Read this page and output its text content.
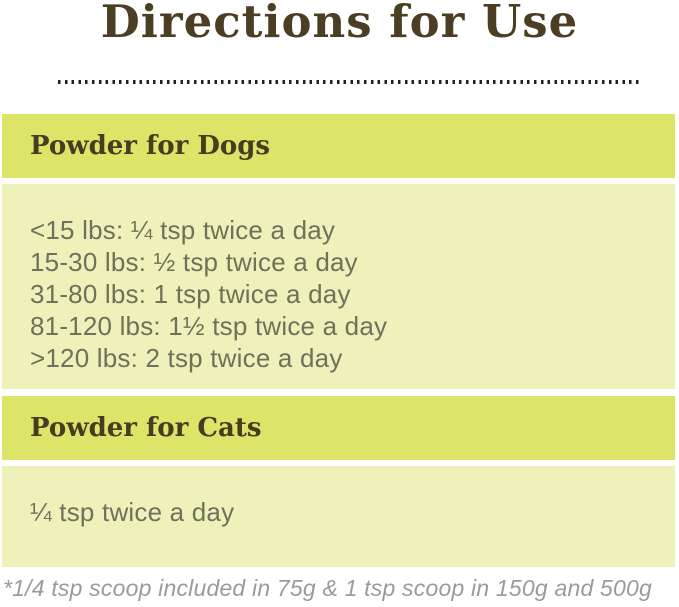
Directions for Use
Powder for Dogs
<15 lbs: ¼ tsp twice a day
15-30 lbs: ½ tsp twice a day
31-80 lbs: 1 tsp twice a day
81-120 lbs: 1½ tsp twice a day
>120 lbs: 2 tsp twice a day
Powder for Cats
¼ tsp twice a day
*1/4 tsp scoop included in 75g & 1 tsp scoop in 150g and 500g
